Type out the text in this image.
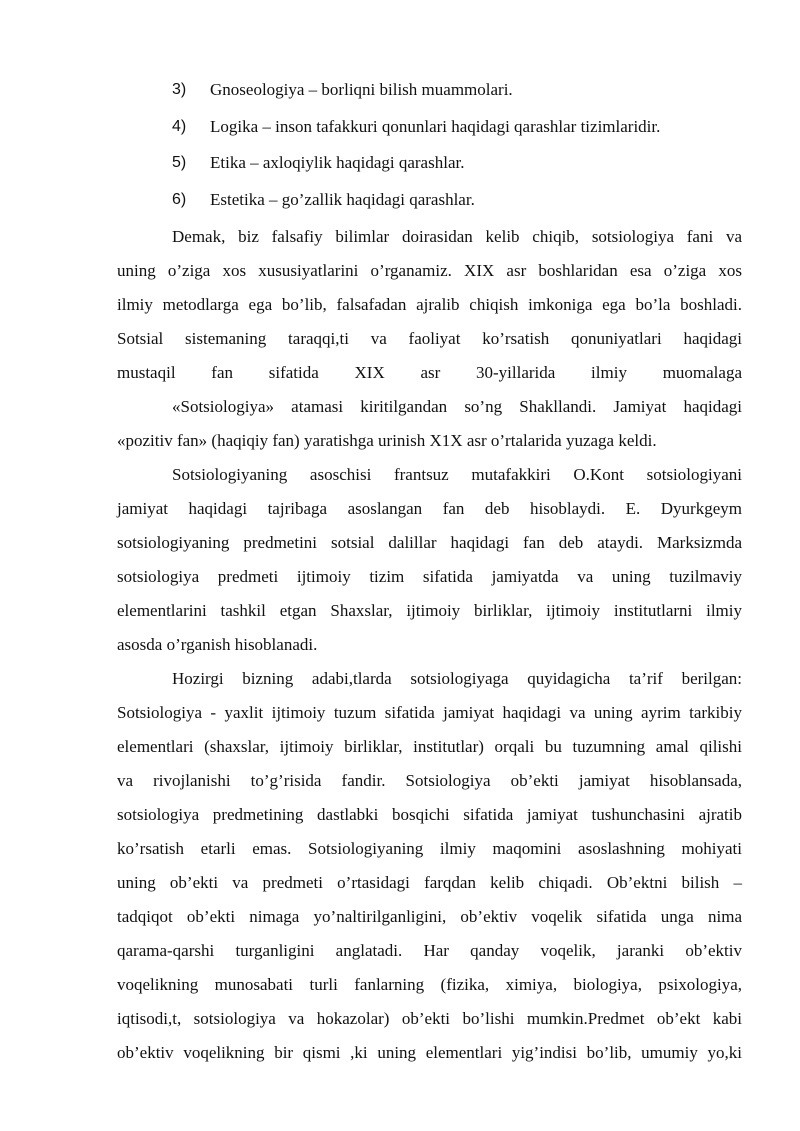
3) Gnoseologiya – borliqni bilish muammolari.
4) Logika – inson tafakkuri qonunlari haqidagi qarashlar tizimlaridir.
5) Etika – axloqiylik haqidagi qarashlar.
6) Estetika – go’zallik haqidagi qarashlar.
Demak, biz falsafiy bilimlar doirasidan kelib chiqib, sotsiologiya fani va
uning o’ziga xos xususiyatlarini o’rganamiz. XIX asr boshlaridan esa o’ziga xos
ilmiy metodlarga ega bo’lib, falsafadan ajralib chiqish imkoniga ega bo’la boshladi.
Sotsial sistemaning taraqqi,ti va faoliyat ko’rsatish qonuniyatlari haqidagi
mustaqil fan sifatida XIX asr 30-yillarida ilmiy muomalaga
«Sotsiologiya» atamasi kiritilgandan so’ng Shakllandi. Jamiyat haqidagi
«pozitiv fan» (haqiqiy fan) yaratishga urinish X1X asr o’rtalarida yuzaga keldi.
Sotsiologiyaning asoschisi frantsuz mutafakkiri O.Kont sotsiologiyani
jamiyat haqidagi tajribaga asoslangan fan deb hisoblaydi. E. Dyurkgeym
sotsiologiyaning predmetini sotsial dalillar haqidagi fan deb ataydi. Marksizmda
sotsiologiya predmeti ijtimoiy tizim sifatida jamiyatda va uning tuzilmaviy
elementlarini tashkil etgan Shaxslar, ijtimoiy birliklar, ijtimoiy institutlarni ilmiy
asosda o’rganish hisoblanadi.
Hozirgi bizning adabi,tlarda sotsiologiyaga quyidagicha ta’rif berilgan:
Sotsiologiya - yaxlit ijtimoiy tuzum sifatida jamiyat haqidagi va uning ayrim tarkibiy
elementlari (shaxslar, ijtimoiy birliklar, institutlar) orqali bu tuzumning amal qilishi
va rivojlanishi to’g’risida fandir. Sotsiologiya ob’ekti jamiyat hisoblansada,
sotsiologiya predmetining dastlabki bosqichi sifatida jamiyat tushunchasini ajratib
ko’rsatish etarli emas. Sotsiologiyaning ilmiy maqomini asoslashning mohiyati
uning ob’ekti va predmeti o’rtasidagi farqdan kelib chiqadi. Ob’ektni bilish –
tadqiqot ob’ekti nimaga yo’naltirilganligini, ob’ektiv voqelik sifatida unga nima
qarama-qarshi turganligini anglatadi. Har qanday voqelik, jaranki ob’ektiv
voqelikning munosabati turli fanlarning (fizika, ximiya, biologiya, psixologiya,
iqtisodi,t, sotsiologiya va hokazolar) ob’ekti bo’lishi mumkin.Predmet ob’ekt kabi
ob’ektiv voqelikning bir qismi ,ki uning elementlari yig’indisi bo’lib, umumiy yo,ki
